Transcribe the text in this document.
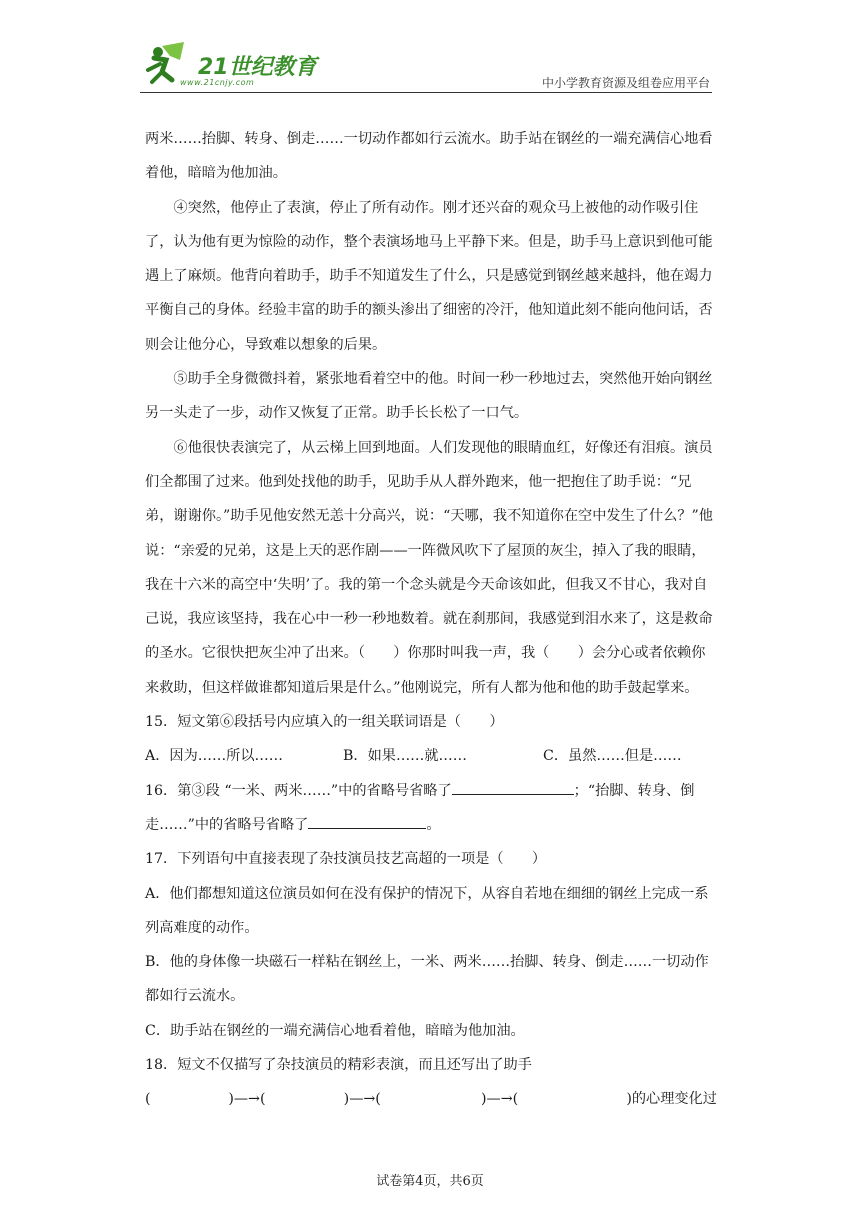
21世纪教育
www.21cnjy.com	中小学教育资源及组卷应用平台

两米……抬脚、转身、倒走……一切动作都如行云流水。助手站在钢丝的一端充满信心地看着他，暗暗为他加油。

④突然，他停止了表演，停止了所有动作。刚才还兴奋的观众马上被他的动作吸引住了，认为他有更为惊险的动作，整个表演场地马上平静下来。但是，助手马上意识到他可能遇上了麻烦。他背向着助手，助手不知道发生了什么，只是感觉到钢丝越来越抖，他在竭力平衡自己的身体。经验丰富的助手的额头渗出了细密的冷汗，他知道此刻不能向他问话，否则会让他分心，导致难以想象的后果。

⑤助手全身微微抖着，紧张地看着空中的他。时间一秒一秒地过去，突然他开始向钢丝另一头走了一步，动作又恢复了正常。助手长长松了一口气。

⑥他很快表演完了，从云梯上回到地面。人们发现他的眼睛血红，好像还有泪痕。演员们全都围了过来。他到处找他的助手，见助手从人群外跑来，他一把抱住了助手说：“兄弟，谢谢你。”助手见他安然无恙十分高兴，说：“天哪，我不知道你在空中发生了什么？”他说：“亲爱的兄弟，这是上天的恶作剧——一阵微风吹下了屋顶的灰尘，掉入了我的眼睛，我在十六米的高空中‘失明’了。我的第一个念头就是今天命该如此，但我又不甘心，我对自己说，我应该坚持，我在心中一秒一秒地数着。就在刹那间，我感觉到泪水来了，这是救命的圣水。它很快把灰尘冲了出来。（　　）你那时叫我一声，我（　　）会分心或者依赖你来救助，但这样做谁都知道后果是什么。”他刚说完，所有人都为他和他的助手鼓起掌来。

15．短文第⑥段括号内应填入的一组关联词语是（　　）

A．因为……所以……	B．如果……就……	C．虽然……但是……

16．第③段 “一米、两米……”中的省略号省略了	；“抬脚、转身、倒走……”中的省略号省略了	。

17．下列语句中直接表现了杂技演员技艺高超的一项是（　　）

A．他们都想知道这位演员如何在没有保护的情况下，从容自若地在细细的钢丝上完成一系列高难度的动作。

B．他的身体像一块磁石一样粘在钢丝上，一米、两米……抬脚、转身、倒走……一切动作都如行云流水。

C．助手站在钢丝的一端充满信心地看着他，暗暗为他加油。

18．短文不仅描写了杂技演员的精彩表演，而且还写出了助手

(	)—→(	)—→(	)—→(	)的心理变化过
试卷第4页，共6页
